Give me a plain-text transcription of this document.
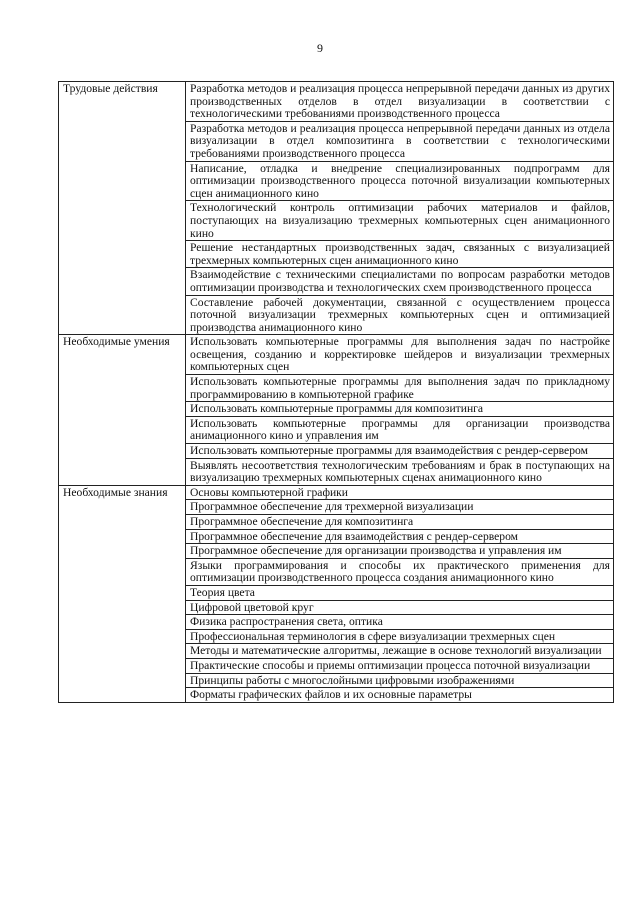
9
Трудовые действия	Разработка методов и реализация процесса непрерывной передачи данных из других производственных отделов в отдел визуализации в соответствии с технологическими требованиями производственного процесса
	Разработка методов и реализация процесса непрерывной передачи данных из отдела визуализации в отдел композитинга в соответствии с технологическими требованиями производственного процесса
	Написание, отладка и внедрение специализированных подпрограмм для оптимизации производственного процесса поточной визуализации компьютерных сцен анимационного кино
	Технологический контроль оптимизации рабочих материалов и файлов, поступающих на визуализацию трехмерных компьютерных сцен анимационного кино
	Решение нестандартных производственных задач, связанных с визуализацией трехмерных компьютерных сцен анимационного кино
	Взаимодействие с техническими специалистами по вопросам разработки методов оптимизации производства и технологических схем производственного процесса
	Составление рабочей документации, связанной с осуществлением процесса поточной визуализации трехмерных компьютерных сцен и оптимизацией производства анимационного кино
Необходимые умения	Использовать компьютерные программы для выполнения задач по настройке освещения, созданию и корректировке шейдеров и визуализации трехмерных компьютерных сцен
	Использовать компьютерные программы для выполнения задач по прикладному программированию в компьютерной графике
	Использовать компьютерные программы для композитинга
	Использовать компьютерные программы для организации производства анимационного кино и управления им
	Использовать компьютерные программы для взаимодействия с рендер-сервером
	Выявлять несоответствия технологическим требованиям и брак в поступающих на визуализацию трехмерных компьютерных сценах анимационного кино
Необходимые знания	Основы компьютерной графики
	Программное обеспечение для трехмерной визуализации
	Программное обеспечение для композитинга
	Программное обеспечение для взаимодействия с рендер-сервером
	Программное обеспечение для организации производства и управления им
	Языки программирования и способы их практического применения для оптимизации производственного процесса создания анимационного кино
	Теория цвета
	Цифровой цветовой круг
	Физика распространения света, оптика
	Профессиональная терминология в сфере визуализации трехмерных сцен
	Методы и математические алгоритмы, лежащие в основе технологий визуализации
	Практические способы и приемы оптимизации процесса поточной визуализации
	Принципы работы с многослойными цифровыми изображениями
	Форматы графических файлов и их основные параметры
